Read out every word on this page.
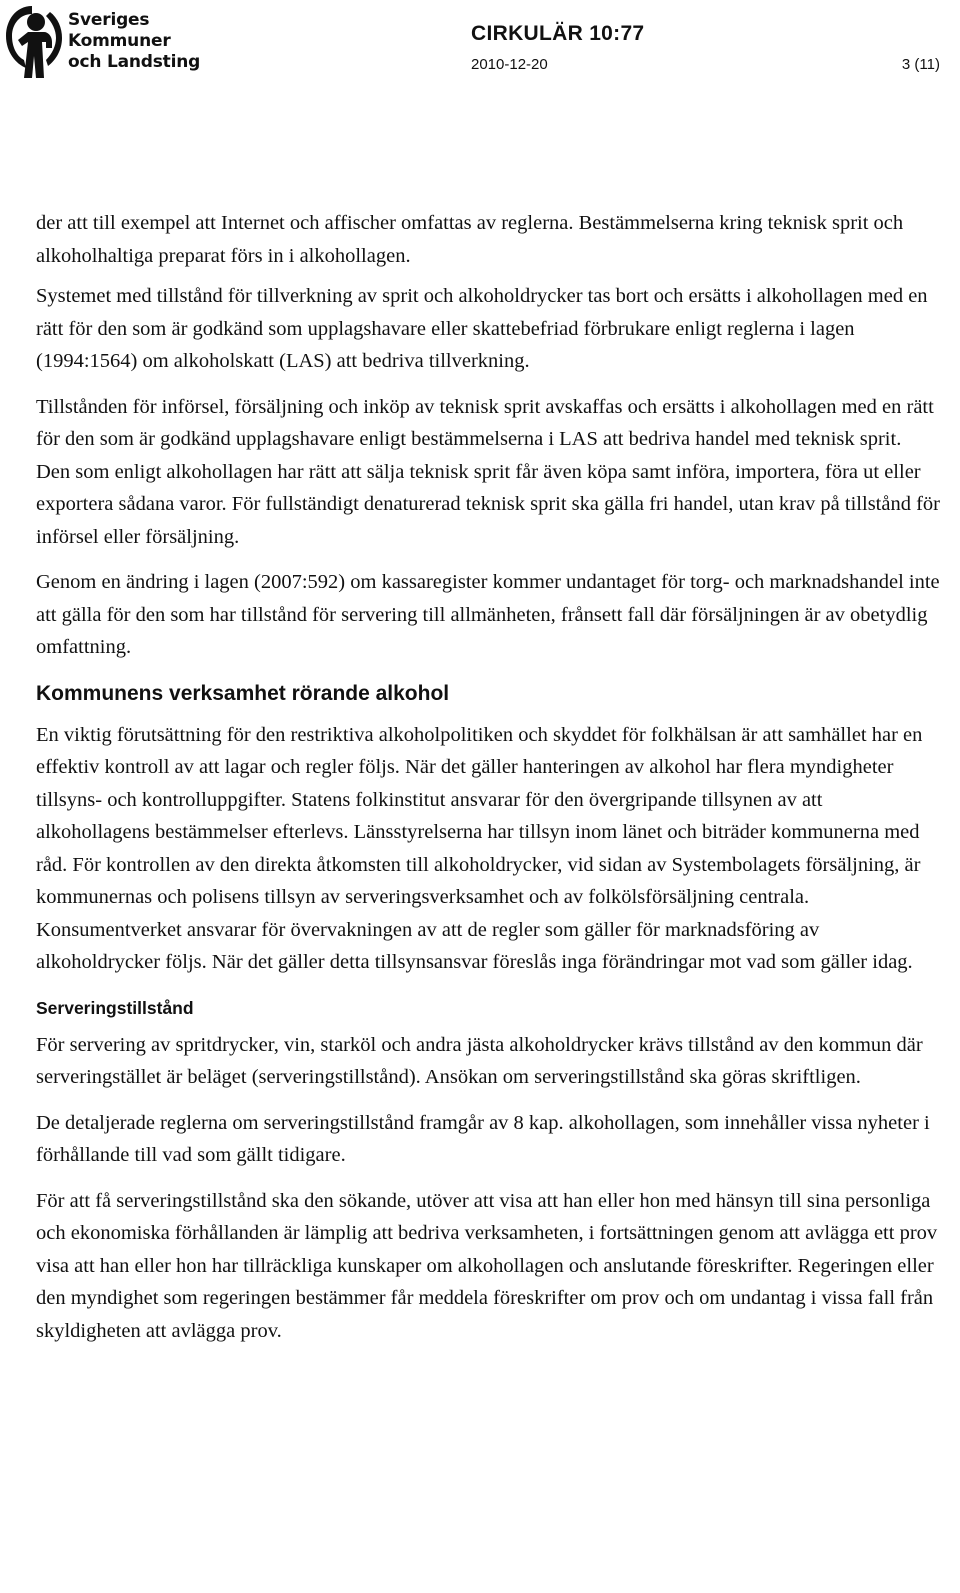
Sveriges
Kommuner
och Landsting
CIRKULÄR 10:77
2010-12-20	3 (11)

der att till exempel att Internet och affischer omfattas av reglerna. Bestämmelserna kring teknisk sprit och alkoholhaltiga preparat förs in i alkohollagen.

Systemet med tillstånd för tillverkning av sprit och alkoholdrycker tas bort och ersätts i alkohollagen med en rätt för den som är godkänd som upplagshavare eller skattebefriad förbrukare enligt reglerna i lagen (1994:1564) om alkoholskatt (LAS) att bedriva tillverkning.

Tillstånden för införsel, försäljning och inköp av teknisk sprit avskaffas och ersätts i alkohollagen med en rätt för den som är godkänd upplagshavare enligt bestämmelserna i LAS att bedriva handel med teknisk sprit. Den som enligt alkohollagen har rätt att sälja teknisk sprit får även köpa samt införa, importera, föra ut eller exportera sådana varor. För fullständigt denaturerad teknisk sprit ska gälla fri handel, utan krav på tillstånd för införsel eller försäljning.

Genom en ändring i lagen (2007:592) om kassaregister kommer undantaget för torg- och marknadshandel inte att gälla för den som har tillstånd för servering till allmänheten, frånsett fall där försäljningen är av obetydlig omfattning.

Kommunens verksamhet rörande alkohol

En viktig förutsättning för den restriktiva alkoholpolitiken och skyddet för folkhälsan är att samhället har en effektiv kontroll av att lagar och regler följs. När det gäller hanteringen av alkohol har flera myndigheter tillsyns- och kontrolluppgifter. Statens folkinstitut ansvarar för den övergripande tillsynen av att alkohollagens bestämmelser efterlevs. Länsstyrelserna har tillsyn inom länet och biträder kommunerna med råd. För kontrollen av den direkta åtkomsten till alkoholdrycker, vid sidan av Systembolagets försäljning, är kommunernas och polisens tillsyn av serveringsverksamhet och av folkölsförsäljning centrala. Konsumentverket ansvarar för övervakningen av att de regler som gäller för marknadsföring av alkoholdrycker följs. När det gäller detta tillsynsansvar föreslås inga förändringar mot vad som gäller idag.

Serveringstillstånd

För servering av spritdrycker, vin, starköl och andra jästa alkoholdrycker krävs tillstånd av den kommun där serveringstället är beläget (serveringstillstånd). Ansökan om serveringstillstånd ska göras skriftligen.

De detaljerade reglerna om serveringstillstånd framgår av 8 kap. alkohollagen, som innehåller vissa nyheter i förhållande till vad som gällt tidigare.

För att få serveringstillstånd ska den sökande, utöver att visa att han eller hon med hänsyn till sina personliga och ekonomiska förhållanden är lämplig att bedriva verksamheten, i fortsättningen genom att avlägga ett prov visa att han eller hon har tillräckliga kunskaper om alkohollagen och anslutande föreskrifter. Regeringen eller den myndighet som regeringen bestämmer får meddela föreskrifter om prov och om undantag i vissa fall från skyldigheten att avlägga prov.
